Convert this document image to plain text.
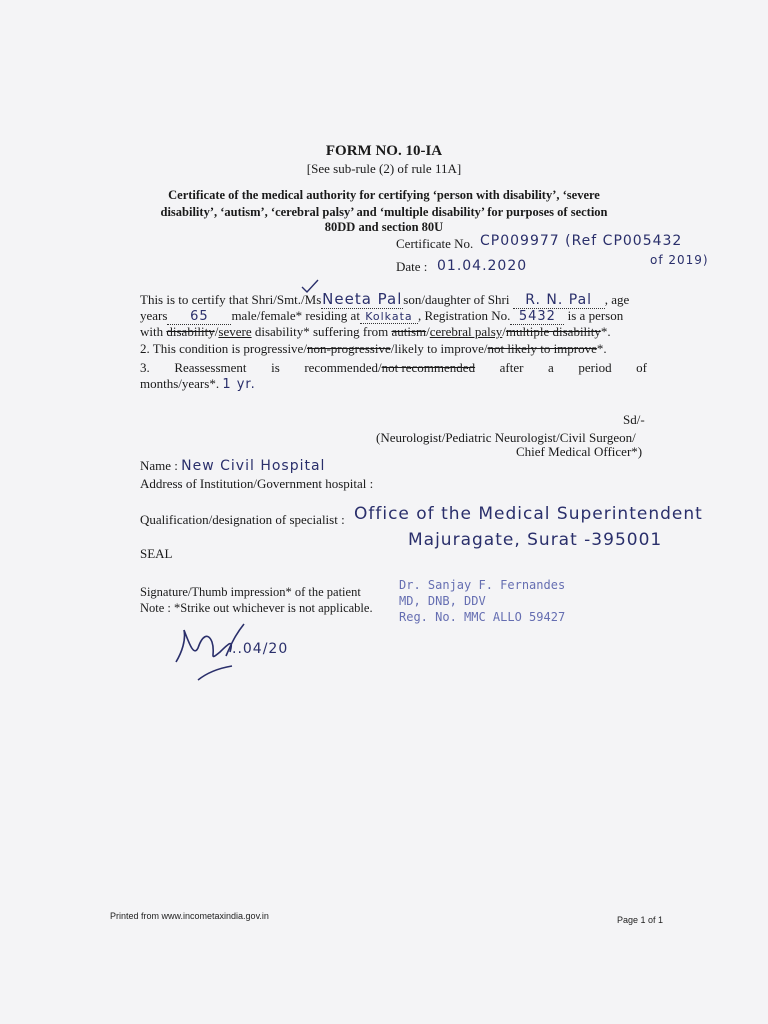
FORM NO. 10-IA
[See sub-rule (2) of rule 11A]
Certificate of the medical authority for certifying ‘person with disability’, ‘severe
disability’, ‘autism’, ‘cerebral palsy’ and ‘multiple disability’ for purposes of section
80DD and section 80U
Certificate No. CP009977 (Ref CP005432
of 2019)
Date : 01.04.2020
This is to certify that Shri/Smt./MsNeeta Palson/daughter of Shri R. N. Pal , age
years 65 male/female* residing at Kolkata , Registration No. 5432 is a person
with disability/severe disability* suffering from autism/cerebral palsy/multiple disability*.
2. This condition is progressive/non-progressive/likely to improve/not likely to improve*.
3. Reassessment is recommended/not recommended after a period of
months/years*. 1 yr.
Sd/-
(Neurologist/Pediatric Neurologist/Civil Surgeon/
Chief Medical Officer*)
Name : New Civil Hospital
Address of Institution/Government hospital :
Qualification/designation of specialist : Office of the Medical Superintendent
Majuragate, Surat -395001
SEAL
Signature/Thumb impression* of the patient
Note : *Strike out whichever is not applicable.
Dr. Sanjay F. Fernandes
MD, DNB, DDV
Reg. No. MMC ALLO 59427
..04/20
Printed from www.incometaxindia.gov.in	Page 1 of 1
